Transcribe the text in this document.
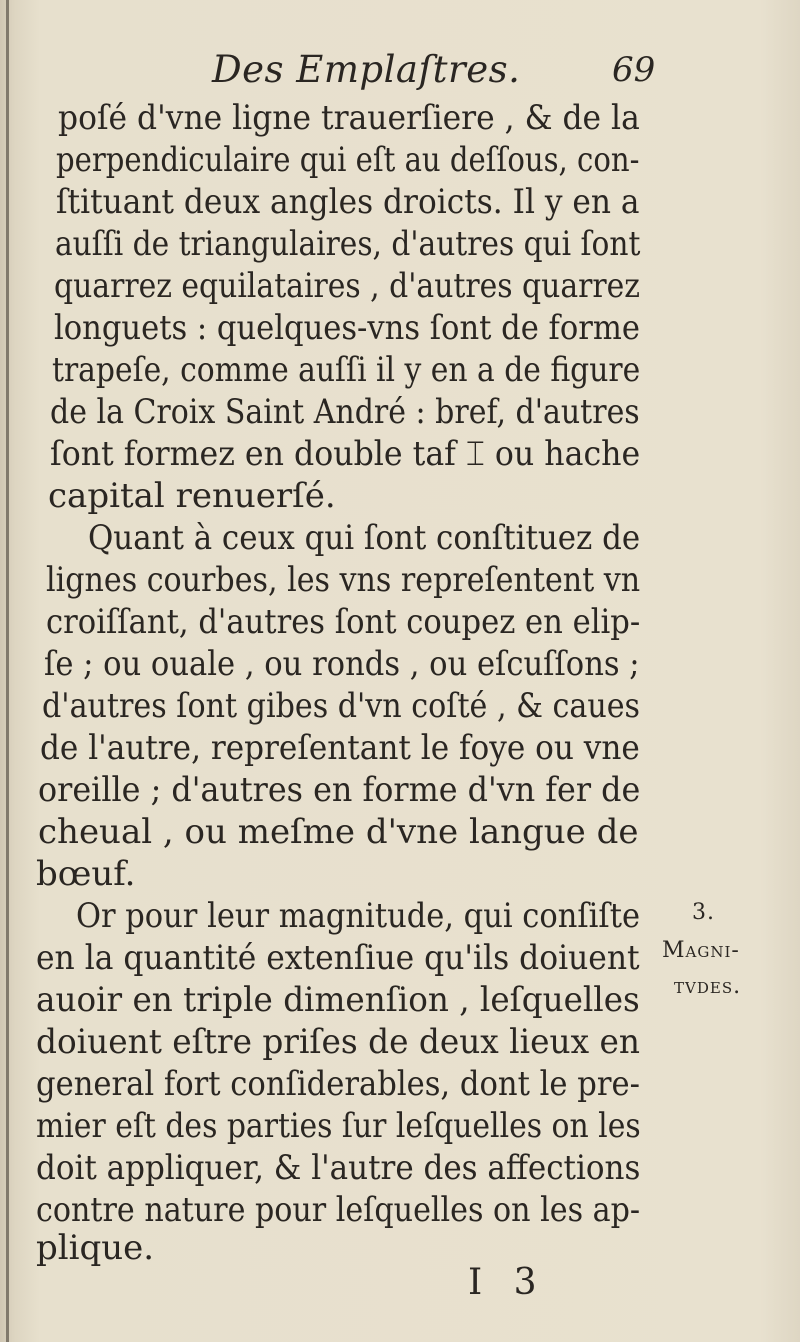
Des Emplaſtres.	69
poſé d'vne ligne trauerſiere , & de la
perpendiculaire qui eſt au deſſous, con-
ſtituant deux angles droicts. Il y en a
auſſi de triangulaires, d'autres qui ſont
quarrez equilataires , d'autres quarrez
longuets : quelques-vns ſont de forme
trapeſe, comme auſſi il y en a de figure
de la Croix Saint André : bref, d'autres
ſont formez en double taf ⌶ ou hache
capital renuerſé.
Quant à ceux qui ſont conſtituez de
lignes courbes, les vns repreſentent vn
croiſſant, d'autres ſont coupez en elip-
ſe ; ou ouale , ou ronds , ou eſcuſſons ;
d'autres ſont gibes d'vn coſté , & caues
de l'autre, repreſentant le foye ou vne
oreille ; d'autres en forme d'vn fer de
cheual , ou meſme d'vne langue de
bœuf.
Or pour leur magnitude, qui conſiſte
en la quantité extenſiue qu'ils doiuent
auoir en triple dimenſion , leſquelles
doiuent eſtre priſes de deux lieux en
general fort conſiderables, dont le pre-
mier eſt des parties ſur leſquelles on les
doit appliquer, & l'autre des affections
contre nature pour leſquelles on les ap-
plique.
3.
Magni-
tvdes.
I 3
